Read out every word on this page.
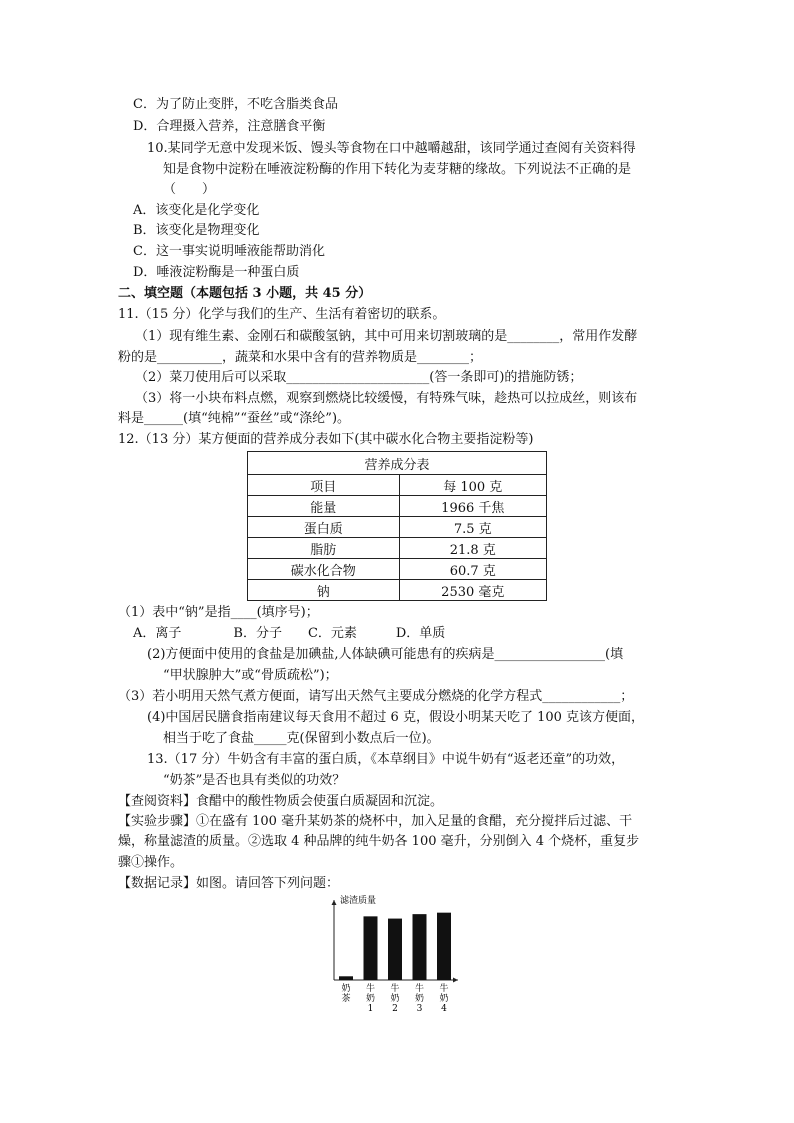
C．为了防止变胖，不吃含脂类食品
D．合理摄入营养，注意膳食平衡
10.某同学无意中发现米饭、馒头等食物在口中越嚼越甜，该同学通过查阅有关资料得
知是食物中淀粉在唾液淀粉酶的作用下转化为麦芽糖的缘故。下列说法不正确的是
（　　）
A．该变化是化学变化
B．该变化是物理变化
C．这一事实说明唾液能帮助消化
D．唾液淀粉酶是一种蛋白质
二、填空题（本题包括 3 小题，共 45 分）
11.（15 分）化学与我们的生产、生活有着密切的联系。
（1）现有维生素、金刚石和碳酸氢钠，其中可用来切割玻璃的是________，常用作发酵
粉的是__________，蔬菜和水果中含有的营养物质是________；
（2）菜刀使用后可以采取______________________(答一条即可)的措施防锈；
（3）将一小块布料点燃，观察到燃烧比较缓慢，有特殊气味，趁热可以拉成丝，则该布
料是______(填“纯棉”“蚕丝”或“涤纶”)。
12.（13 分）某方便面的营养成分表如下(其中碳水化合物主要指淀粉等)
营养成分表	
项目	每 100 克
能量	1966 千焦
蛋白质	7.5 克
脂肪	21.8 克
碳水化合物	60.7 克
钠	2530 毫克
（1）表中“钠”是指____(填序号)；
A．离子　　　　B．分子　　C．元素　　　D．单质
(2)方便面中使用的食盐是加碘盐,人体缺碘可能患有的疾病是_________________(填
“甲状腺肿大”或“骨质疏松”)；
（3）若小明用天然气煮方便面，请写出天然气主要成分燃烧的化学方程式____________；
(4)中国居民膳食指南建议每天食用不超过 6 克，假设小明某天吃了 100 克该方便面，
相当于吃了食盐_____克(保留到小数点后一位)。
13.（17 分）牛奶含有丰富的蛋白质，《本草纲目》中说牛奶有“返老还童”的功效，
“奶茶”是否也具有类似的功效？
【查阅资料】食醋中的酸性物质会使蛋白质凝固和沉淀。
【实验步骤】①在盛有 100 毫升某奶茶的烧杯中，加入足量的食醋，充分搅拌后过滤、干
燥，称量滤渣的质量。②选取 4 种品牌的纯牛奶各 100 毫升，分别倒入 4 个烧杯，重复步
骤①操作。
【数据记录】如图。请回答下列问题：
滤渣质量
奶
茶
牛
奶
1
牛
奶
2
牛
奶
3
牛
奶
4
